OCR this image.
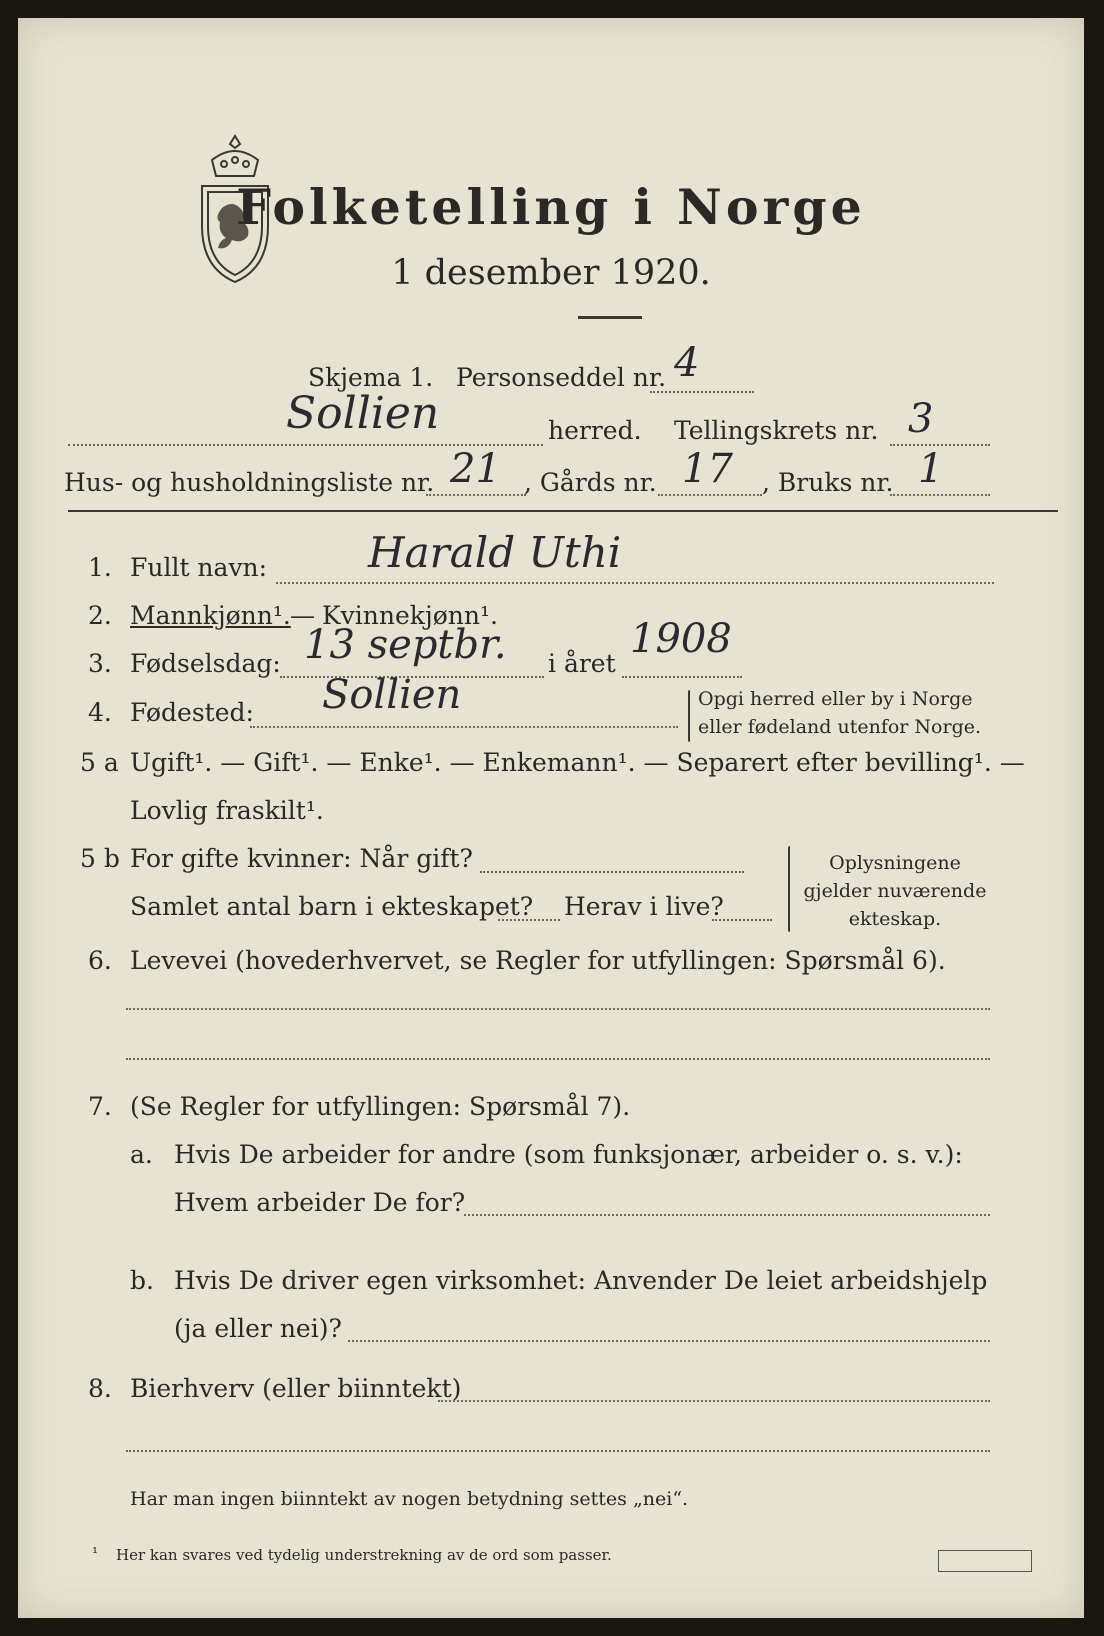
Folketelling i Norge
1 desember 1920.
Skjema 1. Personseddel nr. 4
Sollien	herred. Tellingskrets nr. 3
Hus- og husholdningsliste nr. 21 , Gårds nr. 17 , Bruks nr. 1
1. Fullt navn: Harald Uthi
2. Mannkjønn¹. — Kvinnekjønn¹.
3. Fødselsdag: 13 septbr. i året
1908
4. Fødested: Sollien	Opgi herred eller by i Norge
eller fødeland utenfor Norge.
5 a Ugift¹. — Gift¹. — Enke¹. — Enkemann¹. — Separert efter bevilling¹. —
Lovlig fraskilt¹.
5 b For gifte kvinner: Når gift?
Samlet antal barn i ekteskapet? Herav i live?
Oplysningene
gjelder nuværende
ekteskap.
6. Levevei (hovederhvervet, se Regler for utfyllingen: Spørsmål 6).
7. (Se Regler for utfyllingen: Spørsmål 7).
a. Hvis De arbeider for andre (som funksjonær, arbeider o. s. v.):
Hvem arbeider De for?
b. Hvis De driver egen virksomhet: Anvender De leiet arbeidshjelp
(ja eller nei)?
8. Bierhverv (eller biinntekt)
Har man ingen biinntekt av nogen betydning settes „nei“.
¹ Her kan svares ved tydelig understrekning av de ord som passer.
